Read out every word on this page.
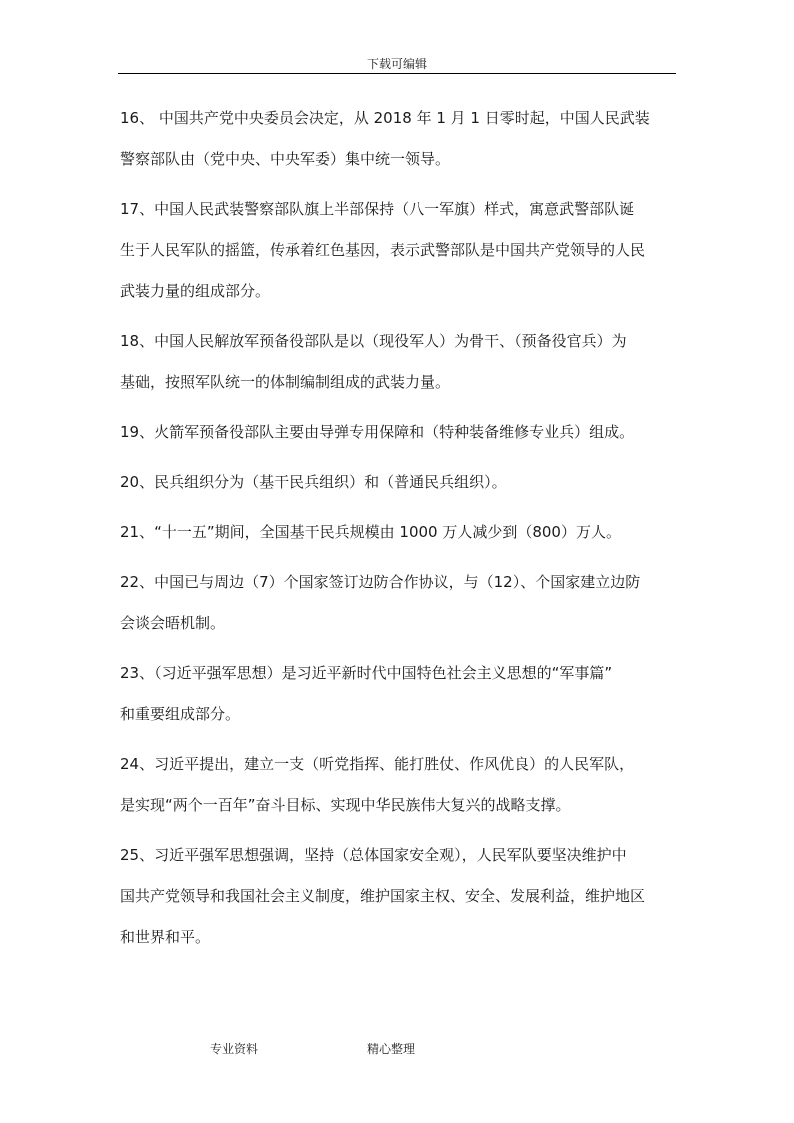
下载可编辑

16、 中国共产党中央委员会决定，从 2018 年 1 月 1 日零时起，中国人民武装

警察部队由（党中央、中央军委）集中统一领导。

17、中国人民武装警察部队旗上半部保持（八一军旗）样式，寓意武警部队诞

生于人民军队的摇篮，传承着红色基因，表示武警部队是中国共产党领导的人民

武装力量的组成部分。

18、中国人民解放军预备役部队是以（现役军人）为骨干、（预备役官兵）为

基础，按照军队统一的体制编制组成的武装力量。

19、火箭军预备役部队主要由导弹专用保障和（特种装备维修专业兵）组成。

20、民兵组织分为（基干民兵组织）和（普通民兵组织）。

21、“十一五”期间，全国基干民兵规模由 1000 万人减少到（800）万人。

22、中国已与周边（7）个国家签订边防合作协议，与（12）、个国家建立边防

会谈会晤机制。

23、（习近平强军思想）是习近平新时代中国特色社会主义思想的“军事篇”

和重要组成部分。

24、习近平提出，建立一支（听党指挥、能打胜仗、作风优良）的人民军队，

是实现“两个一百年”奋斗目标、实现中华民族伟大复兴的战略支撑。

25、习近平强军思想强调，坚持（总体国家安全观），人民军队要坚决维护中

国共产党领导和我国社会主义制度，维护国家主权、安全、发展利益，维护地区

和世界和平。

专业资料	精心整理
